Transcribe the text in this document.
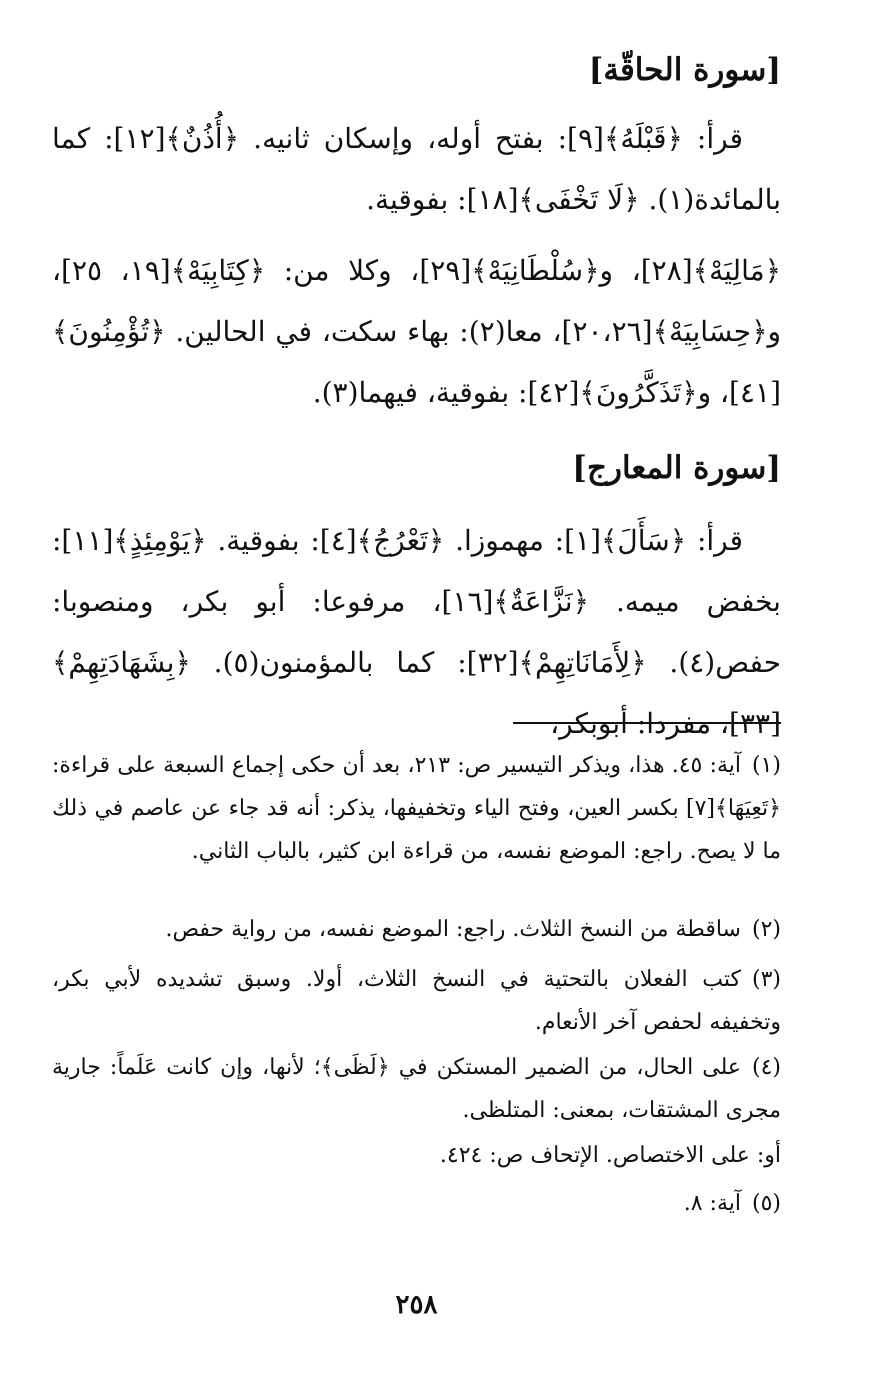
[سورة الحاقّة]
قرأ: ﴿قَبْلَهُ﴾[٩]: بفتح أوله، وإسكان ثانيه. ﴿أُذُنٌ﴾[١٢]: كما بالمائدة(١). ﴿لَا تَخْفَى﴾[١٨]: بفوقية.
﴿مَالِيَهْ﴾[٢٨]، و﴿سُلْطَانِيَهْ﴾[٢٩]، وكلا من: ﴿كِتَابِيَهْ﴾[١٩، ٢٥]، و﴿حِسَابِيَهْ﴾[٢٠،٢٦]، معا(٢): بهاء سكت، في الحالين. ﴿تُؤْمِنُونَ﴾[٤١]، و﴿تَذَكَّرُونَ﴾[٤٢]: بفوقية، فيهما(٣).
[سورة المعارج]
قرأ: ﴿سَأَلَ﴾[١]: مهموزا. ﴿تَعْرُجُ﴾[٤]: بفوقية. ﴿يَوْمِئِذٍ﴾[١١]: بخفض ميمه. ﴿نَزَّاعَةٌ﴾[١٦]، مرفوعا: أبو بكر، ومنصوبا: حفص(٤). ﴿لِأَمَانَاتِهِمْ﴾[٣٢]: كما بالمؤمنون(٥). ﴿بِشَهَادَتِهِمْ﴾[٣٣]، مفردا: أبوبكر،
(١)آية: ٤٥. هذا، ويذكر التيسير ص: ٢١٣، بعد أن حكى إجماع السبعة على قراءة: ﴿تَعِيَهَا﴾[٧] بكسر العين، وفتح الياء وتخفيفها، يذكر: أنه قد جاء عن عاصم في ذلك ما لا يصح. راجع: الموضع نفسه، من قراءة ابن كثير، بالباب الثاني.
(٢)ساقطة من النسخ الثلاث. راجع: الموضع نفسه، من رواية حفص.
(٣)كتب الفعلان بالتحتية في النسخ الثلاث، أولا. وسبق تشديده لأبي بكر، وتخفيفه لحفص آخر الأنعام.
(٤)على الحال، من الضمير المستكن في ﴿لَظَى﴾؛ لأنها، وإن كانت عَلَماً: جارية مجرى المشتقات، بمعنى: المتلظى.
أو: على الاختصاص. الإتحاف ص: ٤٢٤.
(٥)آية: ٨.
٢٥٨
